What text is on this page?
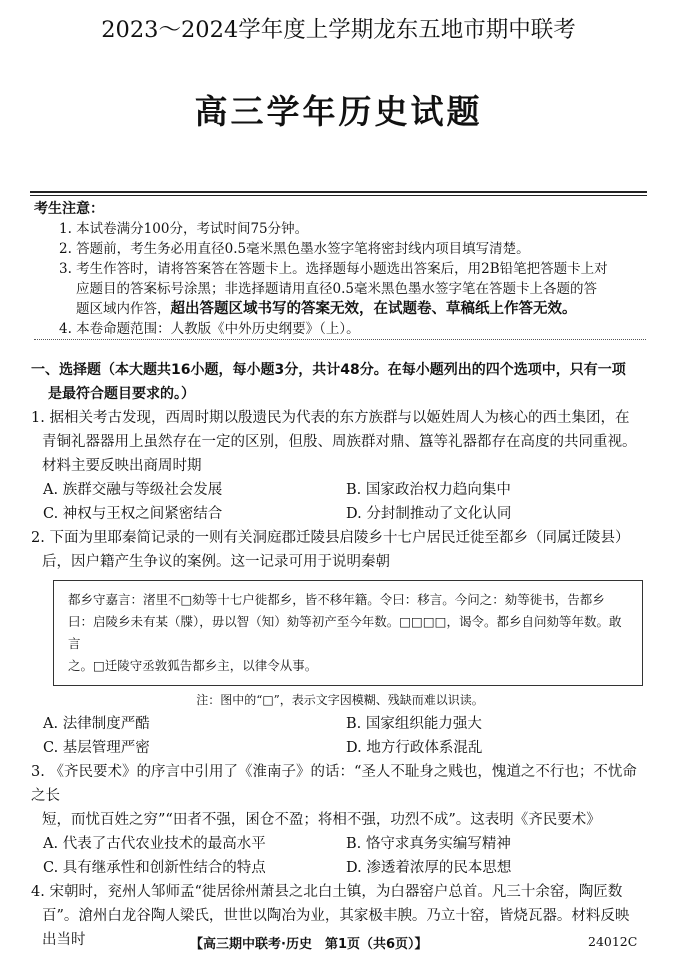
2023～2024学年度上学期龙东五地市期中联考
高三学年历史试题
考生注意：
1. 本试卷满分100分，考试时间75分钟。
2. 答题前，考生务必用直径0.5毫米黑色墨水签字笔将密封线内项目填写清楚。
3. 考生作答时，请将答案答在答题卡上。选择题每小题选出答案后，用2B铅笔把答题卡上对
应题目的答案标号涂黑；非选择题请用直径0.5毫米黑色墨水签字笔在答题卡上各题的答
题区域内作答，超出答题区域书写的答案无效，在试题卷、草稿纸上作答无效。
4. 本卷命题范围：人教版《中外历史纲要》（上）。
一、选择题（本大题共16小题，每小题3分，共计48分。在每小题列出的四个选项中，只有一项
是最符合题目要求的。）
1. 据相关考古发现，西周时期以殷遗民为代表的东方族群与以姬姓周人为核心的西土集团，在
青铜礼器器用上虽然存在一定的区别，但殷、周族群对鼎、簋等礼器都存在高度的共同重视。
材料主要反映出商周时期
A. 族群交融与等级社会发展	B. 国家政治权力趋向集中
C. 神权与王权之间紧密结合	D. 分封制推动了文化认同
2. 下面为里耶秦简记录的一则有关洞庭郡迁陵县启陵乡十七户居民迁徙至都乡（同属迁陵县）
后，因户籍产生争议的案例。这一记录可用于说明秦朝
都乡守嘉言：渚里不□劾等十七户徙都乡，皆不移年籍。令曰：移言。今问之：劾等徙书，告都乡
曰：启陵乡未有某（牒），毋以智（知）劾等初产至今年数。□□□□，谒令。都乡自问劾等年数。敢言
之。□迁陵守丞敦狐告都乡主，以律令从事。
注：图中的“□”，表示文字因模糊、残缺而难以识读。
A. 法律制度严酷	B. 国家组织能力强大
C. 基层管理严密	D. 地方行政体系混乱
3. 《齐民要术》的序言中引用了《淮南子》的话：“圣人不耻身之贱也，愧道之不行也；不忧命之长
短，而忧百姓之穷”“田者不强，囷仓不盈；将相不强，功烈不成”。这表明《齐民要术》
A. 代表了古代农业技术的最高水平	B. 恪守求真务实编写精神
C. 具有继承性和创新性结合的特点	D. 渗透着浓厚的民本思想
4. 宋朝时，兖州人邹师孟“徙居徐州萧县之北白土镇，为白器窑户总首。凡三十余窑，陶匠数
百”。滄州白龙谷陶人梁氏，世世以陶冶为业，其家极丰腴。乃立十窑，皆烧瓦器。材料反映
出当时	【高三期中联考·历史　第1页（共6页）】	24012C
